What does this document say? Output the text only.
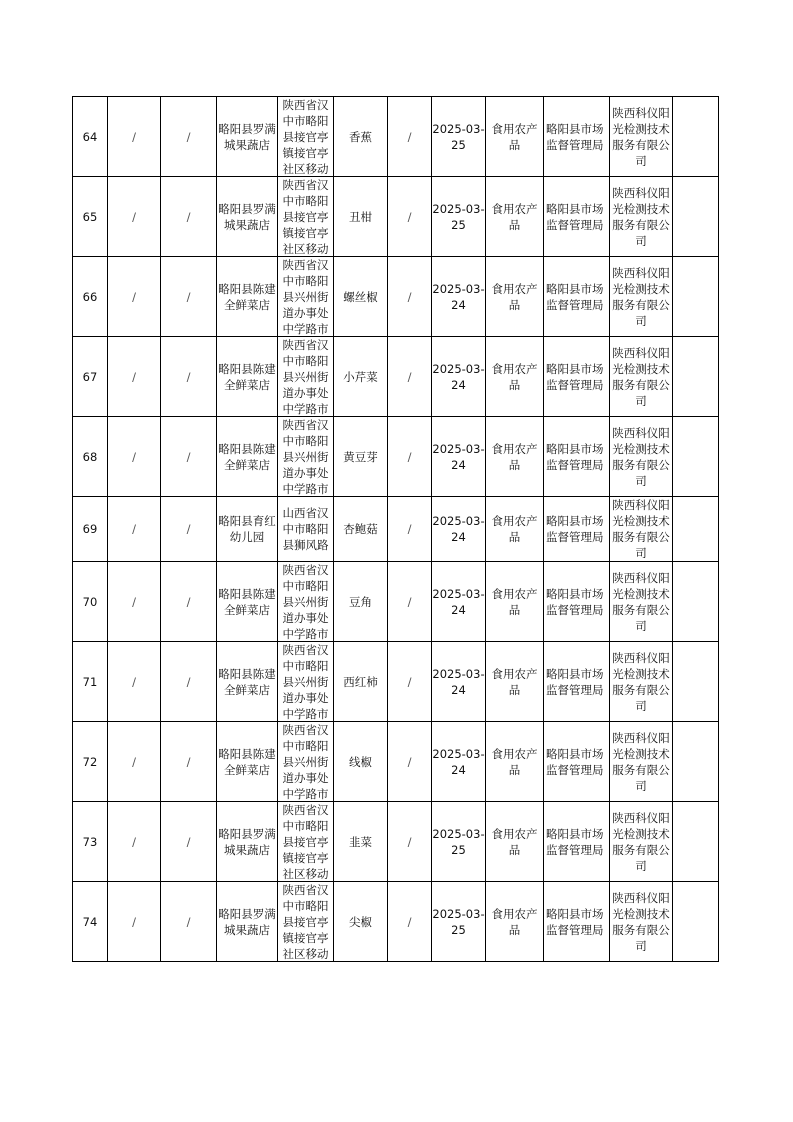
64	/	/	略阳县罗满城果蔬店	陕西省汉中市略阳县接官亭镇接官亭社区移动	香蕉	/	2025-03-25	食用农产品	略阳县市场监督管理局	陕西科仪阳光检测技术服务有限公司	

65	/	/	略阳县罗满城果蔬店	陕西省汉中市略阳县接官亭镇接官亭社区移动	丑柑	/	2025-03-25	食用农产品	略阳县市场监督管理局	陕西科仪阳光检测技术服务有限公司	

66	/	/	略阳县陈建全鲜菜店	陕西省汉中市略阳县兴州街道办事处中学路市	螺丝椒	/	2025-03-24	食用农产品	略阳县市场监督管理局	陕西科仪阳光检测技术服务有限公司	

67	/	/	略阳县陈建全鲜菜店	陕西省汉中市略阳县兴州街道办事处中学路市	小芹菜	/	2025-03-24	食用农产品	略阳县市场监督管理局	陕西科仪阳光检测技术服务有限公司	

68	/	/	略阳县陈建全鲜菜店	陕西省汉中市略阳县兴州街道办事处中学路市	黄豆芽	/	2025-03-24	食用农产品	略阳县市场监督管理局	陕西科仪阳光检测技术服务有限公司	

69	/	/	略阳县育红幼儿园	山西省汉中市略阳县狮风路	杏鲍菇	/	2025-03-24	食用农产品	略阳县市场监督管理局	陕西科仪阳光检测技术服务有限公司	

70	/	/	略阳县陈建全鲜菜店	陕西省汉中市略阳县兴州街道办事处中学路市	豆角	/	2025-03-24	食用农产品	略阳县市场监督管理局	陕西科仪阳光检测技术服务有限公司	

71	/	/	略阳县陈建全鲜菜店	陕西省汉中市略阳县兴州街道办事处中学路市	西红柿	/	2025-03-24	食用农产品	略阳县市场监督管理局	陕西科仪阳光检测技术服务有限公司	

72	/	/	略阳县陈建全鲜菜店	陕西省汉中市略阳县兴州街道办事处中学路市	线椒	/	2025-03-24	食用农产品	略阳县市场监督管理局	陕西科仪阳光检测技术服务有限公司	

73	/	/	略阳县罗满城果蔬店	陕西省汉中市略阳县接官亭镇接官亭社区移动	韭菜	/	2025-03-25	食用农产品	略阳县市场监督管理局	陕西科仪阳光检测技术服务有限公司	

74	/	/	略阳县罗满城果蔬店	陕西省汉中市略阳县接官亭镇接官亭社区移动	尖椒	/	2025-03-25	食用农产品	略阳县市场监督管理局	陕西科仪阳光检测技术服务有限公司	
